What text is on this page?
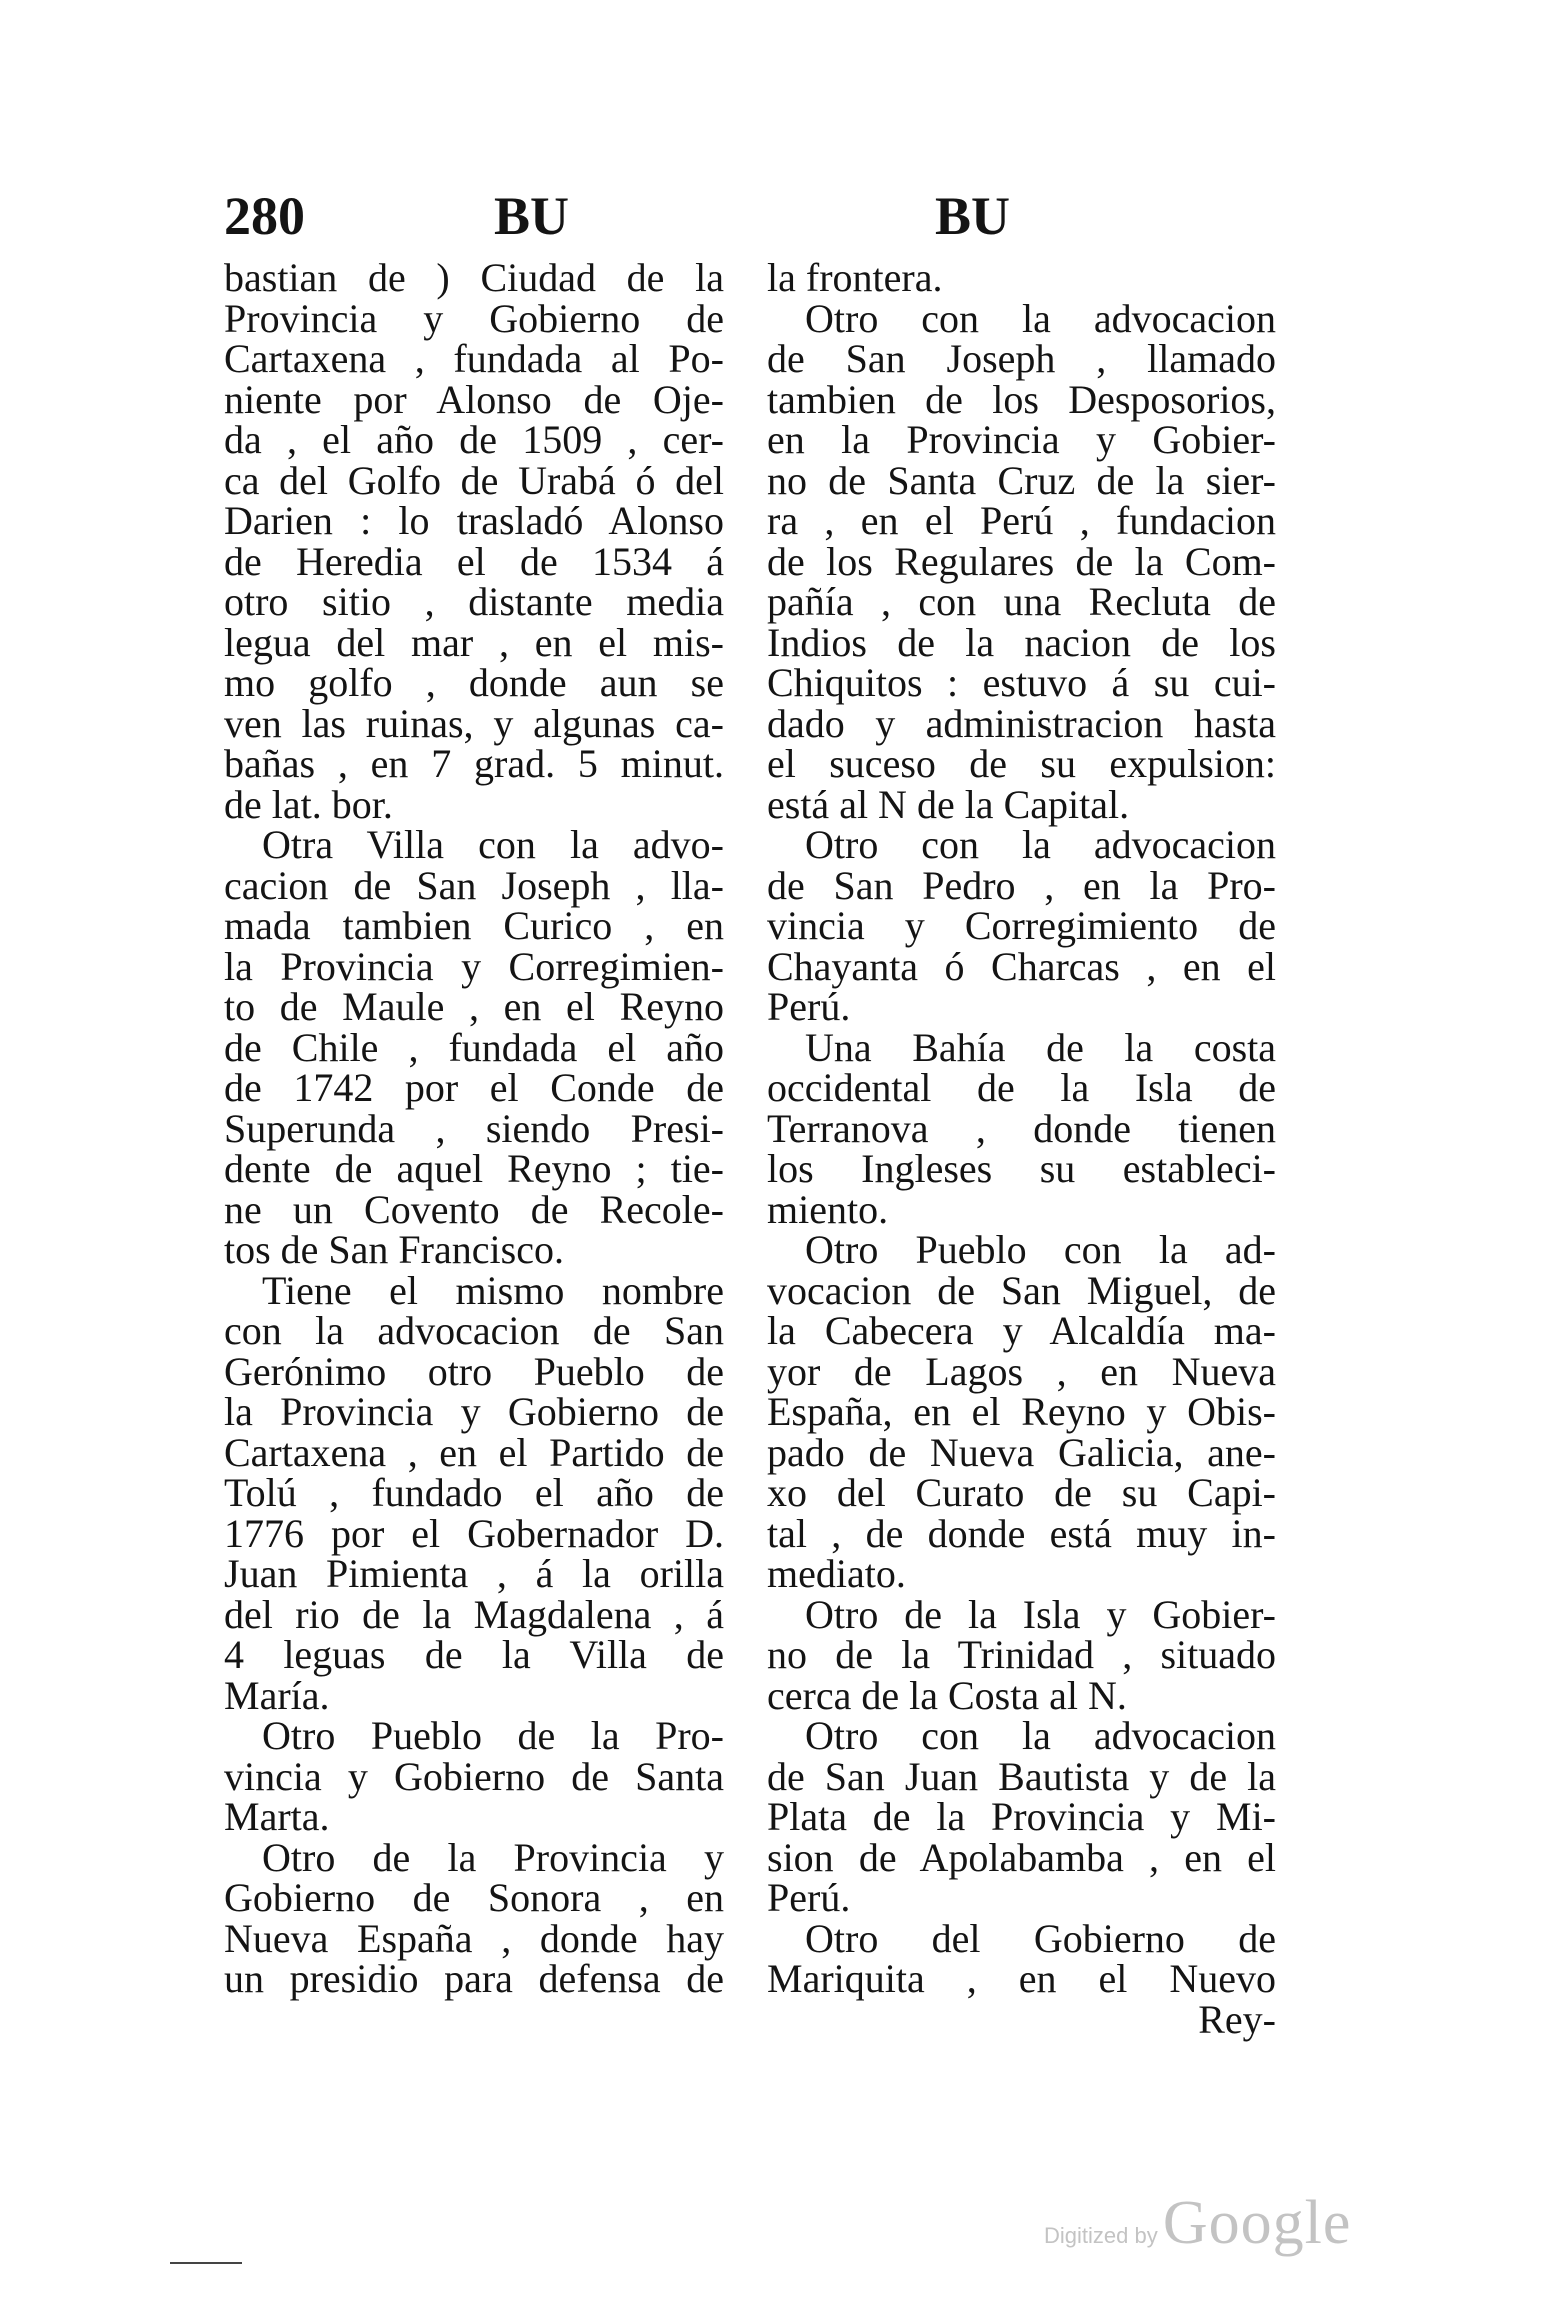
280	BU	BU
bastian de ) Ciudad de la
Provincia y Gobierno de
Cartaxena , fundada al Po-
niente por Alonso de Oje-
da , el año de 1509 , cer-
ca del Golfo de Urabá ó del
Darien : lo trasladó Alonso
de Heredia el de 1534 á
otro sitio , distante media
legua del mar , en el mis-
mo golfo , donde aun se
ven las ruinas, y algunas ca-
bañas , en 7 grad. 5 minut.
de lat. bor.
Otra Villa con la advo-
cacion de San Joseph , lla-
mada tambien Curico , en
la Provincia y Corregimien-
to de Maule , en el Reyno
de Chile , fundada el año
de 1742 por el Conde de
Superunda , siendo Presi-
dente de aquel Reyno ; tie-
ne un Covento de Recole-
tos de San Francisco.
Tiene el mismo nombre
con la advocacion de San
Gerónimo otro Pueblo de
la Provincia y Gobierno de
Cartaxena , en el Partido de
Tolú , fundado el año de
1776 por el Gobernador D.
Juan Pimienta , á la orilla
del rio de la Magdalena , á
4 leguas de la Villa de
María.
Otro Pueblo de la Pro-
vincia y Gobierno de Santa
Marta.
Otro de la Provincia y
Gobierno de Sonora , en
Nueva España , donde hay
un presidio para defensa de
la frontera.
Otro con la advocacion
de San Joseph , llamado
tambien de los Desposorios,
en la Provincia y Gobier-
no de Santa Cruz de la sier-
ra , en el Perú , fundacion
de los Regulares de la Com-
pañía , con una Recluta de
Indios de la nacion de los
Chiquitos : estuvo á su cui-
dado y administracion hasta
el suceso de su expulsion:
está al N de la Capital.
Otro con la advocacion
de San Pedro , en la Pro-
vincia y Corregimiento de
Chayanta ó Charcas , en el
Perú.
Una Bahía de la costa
occidental de la Isla de
Terranova , donde tienen
los Ingleses su estableci-
miento.
Otro Pueblo con la ad-
vocacion de San Miguel, de
la Cabecera y Alcaldía ma-
yor de Lagos , en Nueva
España, en el Reyno y Obis-
pado de Nueva Galicia, ane-
xo del Curato de su Capi-
tal , de donde está muy in-
mediato.
Otro de la Isla y Gobier-
no de la Trinidad , situado
cerca de la Costa al N.
Otro con la advocacion
de San Juan Bautista y de la
Plata de la Provincia y Mi-
sion de Apolabamba , en el
Perú.
Otro del Gobierno de
Mariquita , en el Nuevo
Rey-
Digitized by Google
